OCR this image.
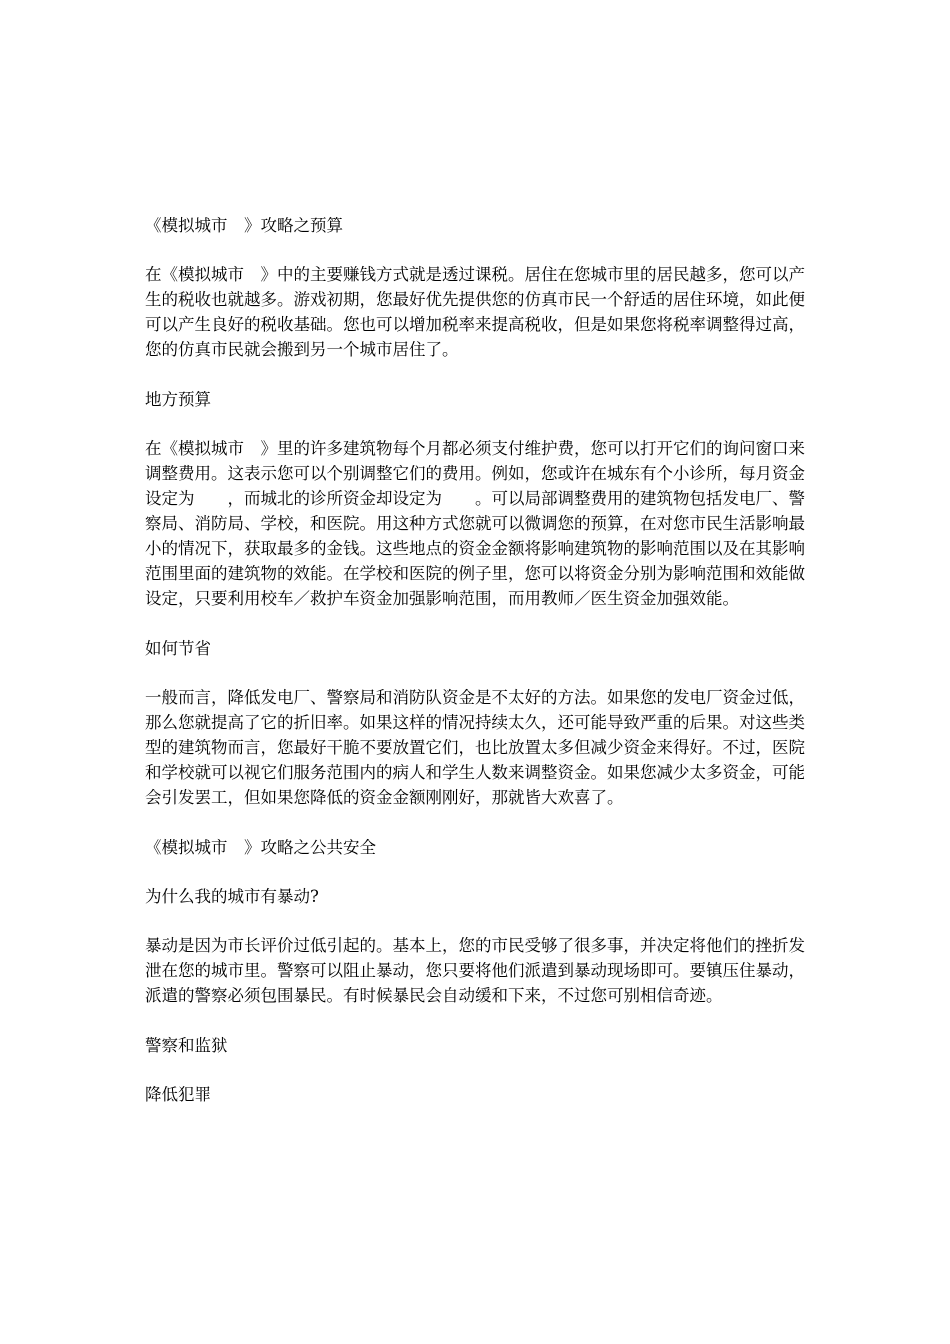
《模拟城市　》攻略之预算

在《模拟城市　》中的主要赚钱方式就是透过课税。居住在您城市里的居民越多，您可以产生的税收也就越多。游戏初期，您最好优先提供您的仿真市民一个舒适的居住环境，如此便可以产生良好的税收基础。您也可以增加税率来提高税收，但是如果您将税率调整得过高，您的仿真市民就会搬到另一个城市居住了。

地方预算

在《模拟城市　》里的许多建筑物每个月都必须支付维护费，您可以打开它们的询问窗口来调整费用。这表示您可以个别调整它们的费用。例如，您或许在城东有个小诊所，每月资金设定为　　，而城北的诊所资金却设定为　　。可以局部调整费用的建筑物包括发电厂、警察局、消防局、学校，和医院。用这种方式您就可以微调您的预算，在对您市民生活影响最小的情况下，获取最多的金钱。这些地点的资金金额将影响建筑物的影响范围以及在其影响范围里面的建筑物的效能。在学校和医院的例子里，您可以将资金分别为影响范围和效能做设定，只要利用校车／救护车资金加强影响范围，而用教师／医生资金加强效能。

如何节省

一般而言，降低发电厂、警察局和消防队资金是不太好的方法。如果您的发电厂资金过低，那么您就提高了它的折旧率。如果这样的情况持续太久，还可能导致严重的后果。对这些类型的建筑物而言，您最好干脆不要放置它们，也比放置太多但减少资金来得好。不过，医院和学校就可以视它们服务范围内的病人和学生人数来调整资金。如果您减少太多资金，可能会引发罢工，但如果您降低的资金金额刚刚好，那就皆大欢喜了。

《模拟城市　》攻略之公共安全

为什么我的城市有暴动?

暴动是因为市长评价过低引起的。基本上，您的市民受够了很多事，并决定将他们的挫折发泄在您的城市里。警察可以阻止暴动，您只要将他们派遣到暴动现场即可。要镇压住暴动，派遣的警察必须包围暴民。有时候暴民会自动缓和下来，不过您可别相信奇迹。

警察和监狱

降低犯罪
